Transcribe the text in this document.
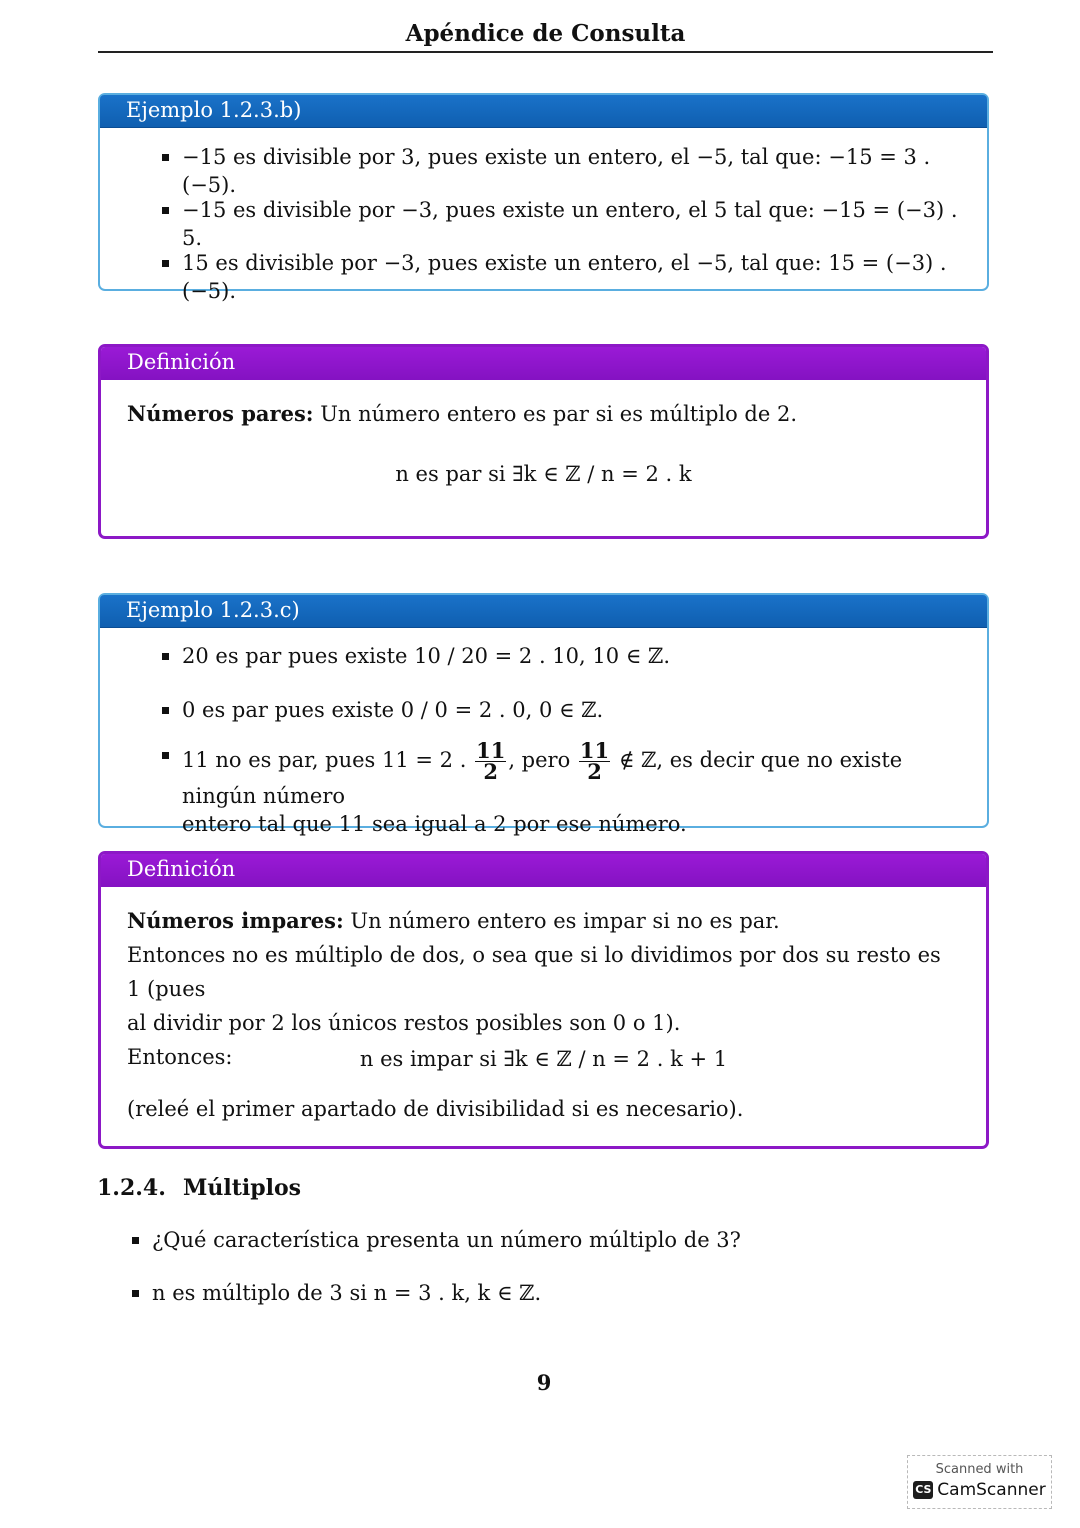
Apéndice de Consulta
Ejemplo 1.2.3.b)
−15 es divisible por 3, pues existe un entero, el −5, tal que: −15 = 3 . (−5).
−15 es divisible por −3, pues existe un entero, el 5 tal que: −15 = (−3) . 5.
15 es divisible por −3, pues existe un entero, el −5, tal que: 15 = (−3) . (−5).
Definición
Números pares: Un número entero es par si es múltiplo de 2.
n es par si ∃k ∈ ℤ / n = 2 . k
Ejemplo 1.2.3.c)
20 es par pues existe 10 / 20 = 2 . 10, 10 ∈ ℤ.
0 es par pues existe 0 / 0 = 2 . 0, 0 ∈ ℤ.
11 no es par, pues 11 = 2 . $\frac{11}{2}$ , pero $\frac{11}{2}$ ∉ ℤ, es decir que no existe ningún número
entero tal que 11 sea igual a 2 por ese número.
Definición
Números impares: Un número entero es impar si no es par.
Entonces no es múltiplo de dos, o sea que si lo dividimos por dos su resto es 1 (pues
al dividir por 2 los únicos restos posibles son 0 o 1).
Entonces:	n es impar si ∃k ∈ ℤ / n = 2 . k + 1
(releé el primer apartado de divisibilidad si es necesario).
1.2.4. Múltiplos
¿Qué característica presenta un número múltiplo de 3?
n es múltiplo de 3 si n = 3 . k, k ∈ ℤ.
9
Scanned with
CS CamScanner
